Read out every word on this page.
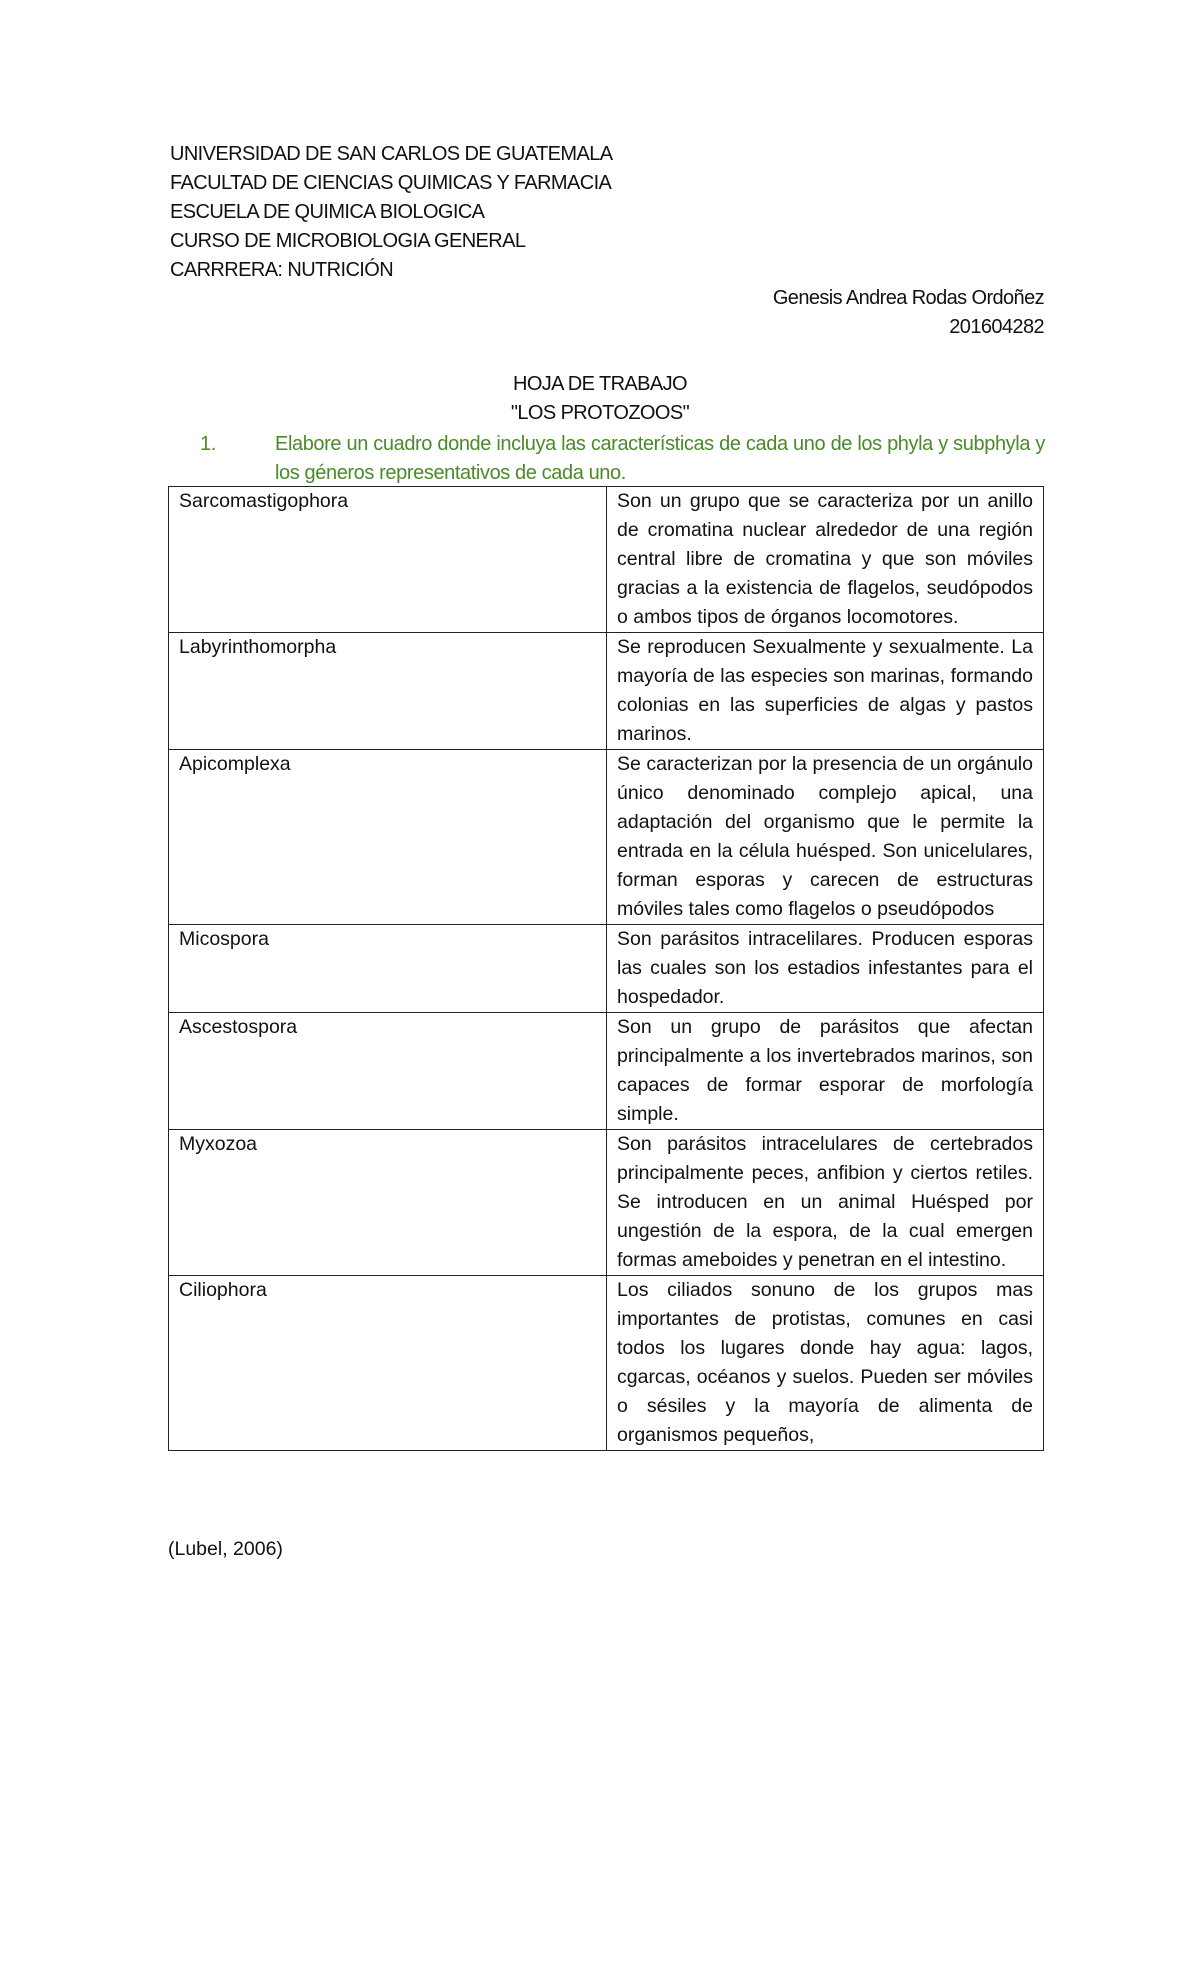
UNIVERSIDAD DE SAN CARLOS DE GUATEMALA
FACULTAD DE CIENCIAS QUIMICAS Y FARMACIA
ESCUELA DE QUIMICA BIOLOGICA
CURSO DE MICROBIOLOGIA GENERAL
CARRRERA: NUTRICIÓN
Genesis Andrea Rodas Ordoñez
201604282
HOJA DE TRABAJO
"LOS PROTOZOOS"
1.	Elabore un cuadro donde incluya las características de cada uno de los phyla y subphyla y los géneros representativos de cada uno.
Sarcomastigophora	Son un grupo que se caracteriza por un anillo de cromatina nuclear alrededor de una región central libre de cromatina y que son móviles gracias a la existencia de flagelos, seudópodos o ambos tipos de órganos locomotores.
Labyrinthomorpha	Se reproducen Sexualmente y sexualmente. La mayoría de las especies son marinas, formando colonias en las superficies de algas y pastos marinos.
Apicomplexa	Se caracterizan por la presencia de un orgánulo único denominado complejo apical, una adaptación del organismo que le permite la entrada en la célula huésped. Son unicelulares, forman esporas y carecen de estructuras móviles tales como flagelos o pseudópodos
Micospora	Son parásitos intracelilares. Producen esporas las cuales son los estadios infestantes para el hospedador.
Ascestospora	Son un grupo de parásitos que afectan principalmente a los invertebrados marinos, son capaces de formar esporar de morfología simple.
Myxozoa	Son parásitos intracelulares de certebrados principalmente peces, anfibion y ciertos retiles. Se introducen en un animal Huésped por ungestión de la espora, de la cual emergen formas ameboides y penetran en el intestino.
Ciliophora	Los ciliados sonuno de los grupos mas importantes de protistas, comunes en casi todos los lugares donde hay agua: lagos, cgarcas, océanos y suelos. Pueden ser móviles o sésiles y la mayoría de alimenta de organismos pequeños,
(Lubel, 2006)
